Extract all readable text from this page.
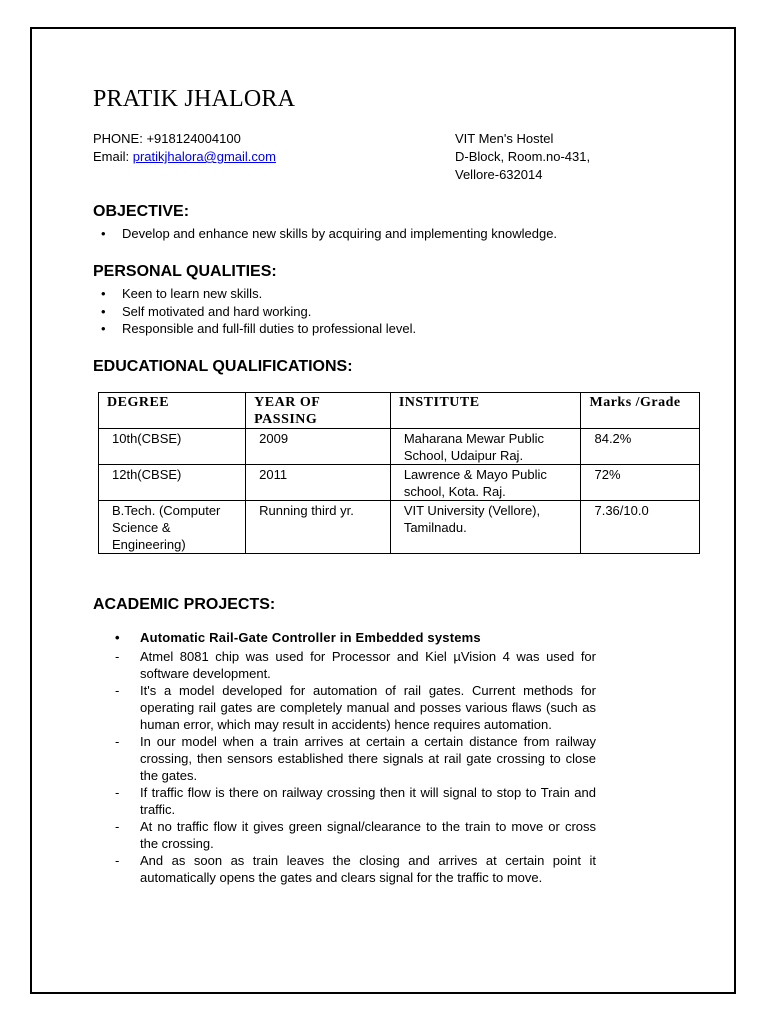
PRATIK JHALORA
PHONE: +918124004100
Email: pratikjhalora@gmail.com
VIT Men's Hostel
D-Block, Room.no-431,
Vellore-632014
OBJECTIVE:
• Develop and enhance new skills by acquiring and implementing knowledge.
PERSONAL QUALITIES:
• Keen to learn new skills.
• Self motivated and hard working.
• Responsible and full-fill duties to professional level.
EDUCATIONAL QUALIFICATIONS:
DEGREE	YEAR OF PASSING	INSTITUTE	Marks /Grade
10th(CBSE)	2009	Maharana Mewar Public School, Udaipur Raj.	84.2%
12th(CBSE)	2011	Lawrence & Mayo Public school, Kota. Raj.	72%
B.Tech. (Computer Science & Engineering)	Running third yr.	VIT University (Vellore), Tamilnadu.	7.36/10.0
ACADEMIC PROJECTS:
• Automatic Rail-Gate Controller in Embedded systems
- Atmel 8081 chip was used for Processor and Kiel µVision 4 was used for software development.
- It's a model developed for automation of rail gates. Current methods for operating rail gates are completely manual and posses various flaws (such as human error, which may result in accidents) hence requires automation.
- In our model when a train arrives at certain a certain distance from railway crossing, then sensors established there signals at rail gate crossing to close the gates.
- If traffic flow is there on railway crossing then it will signal to stop to Train and traffic.
- At no traffic flow it gives green signal/clearance to the train to move or cross the crossing.
- And as soon as train leaves the closing and arrives at certain point it automatically opens the gates and clears signal for the traffic to move.
